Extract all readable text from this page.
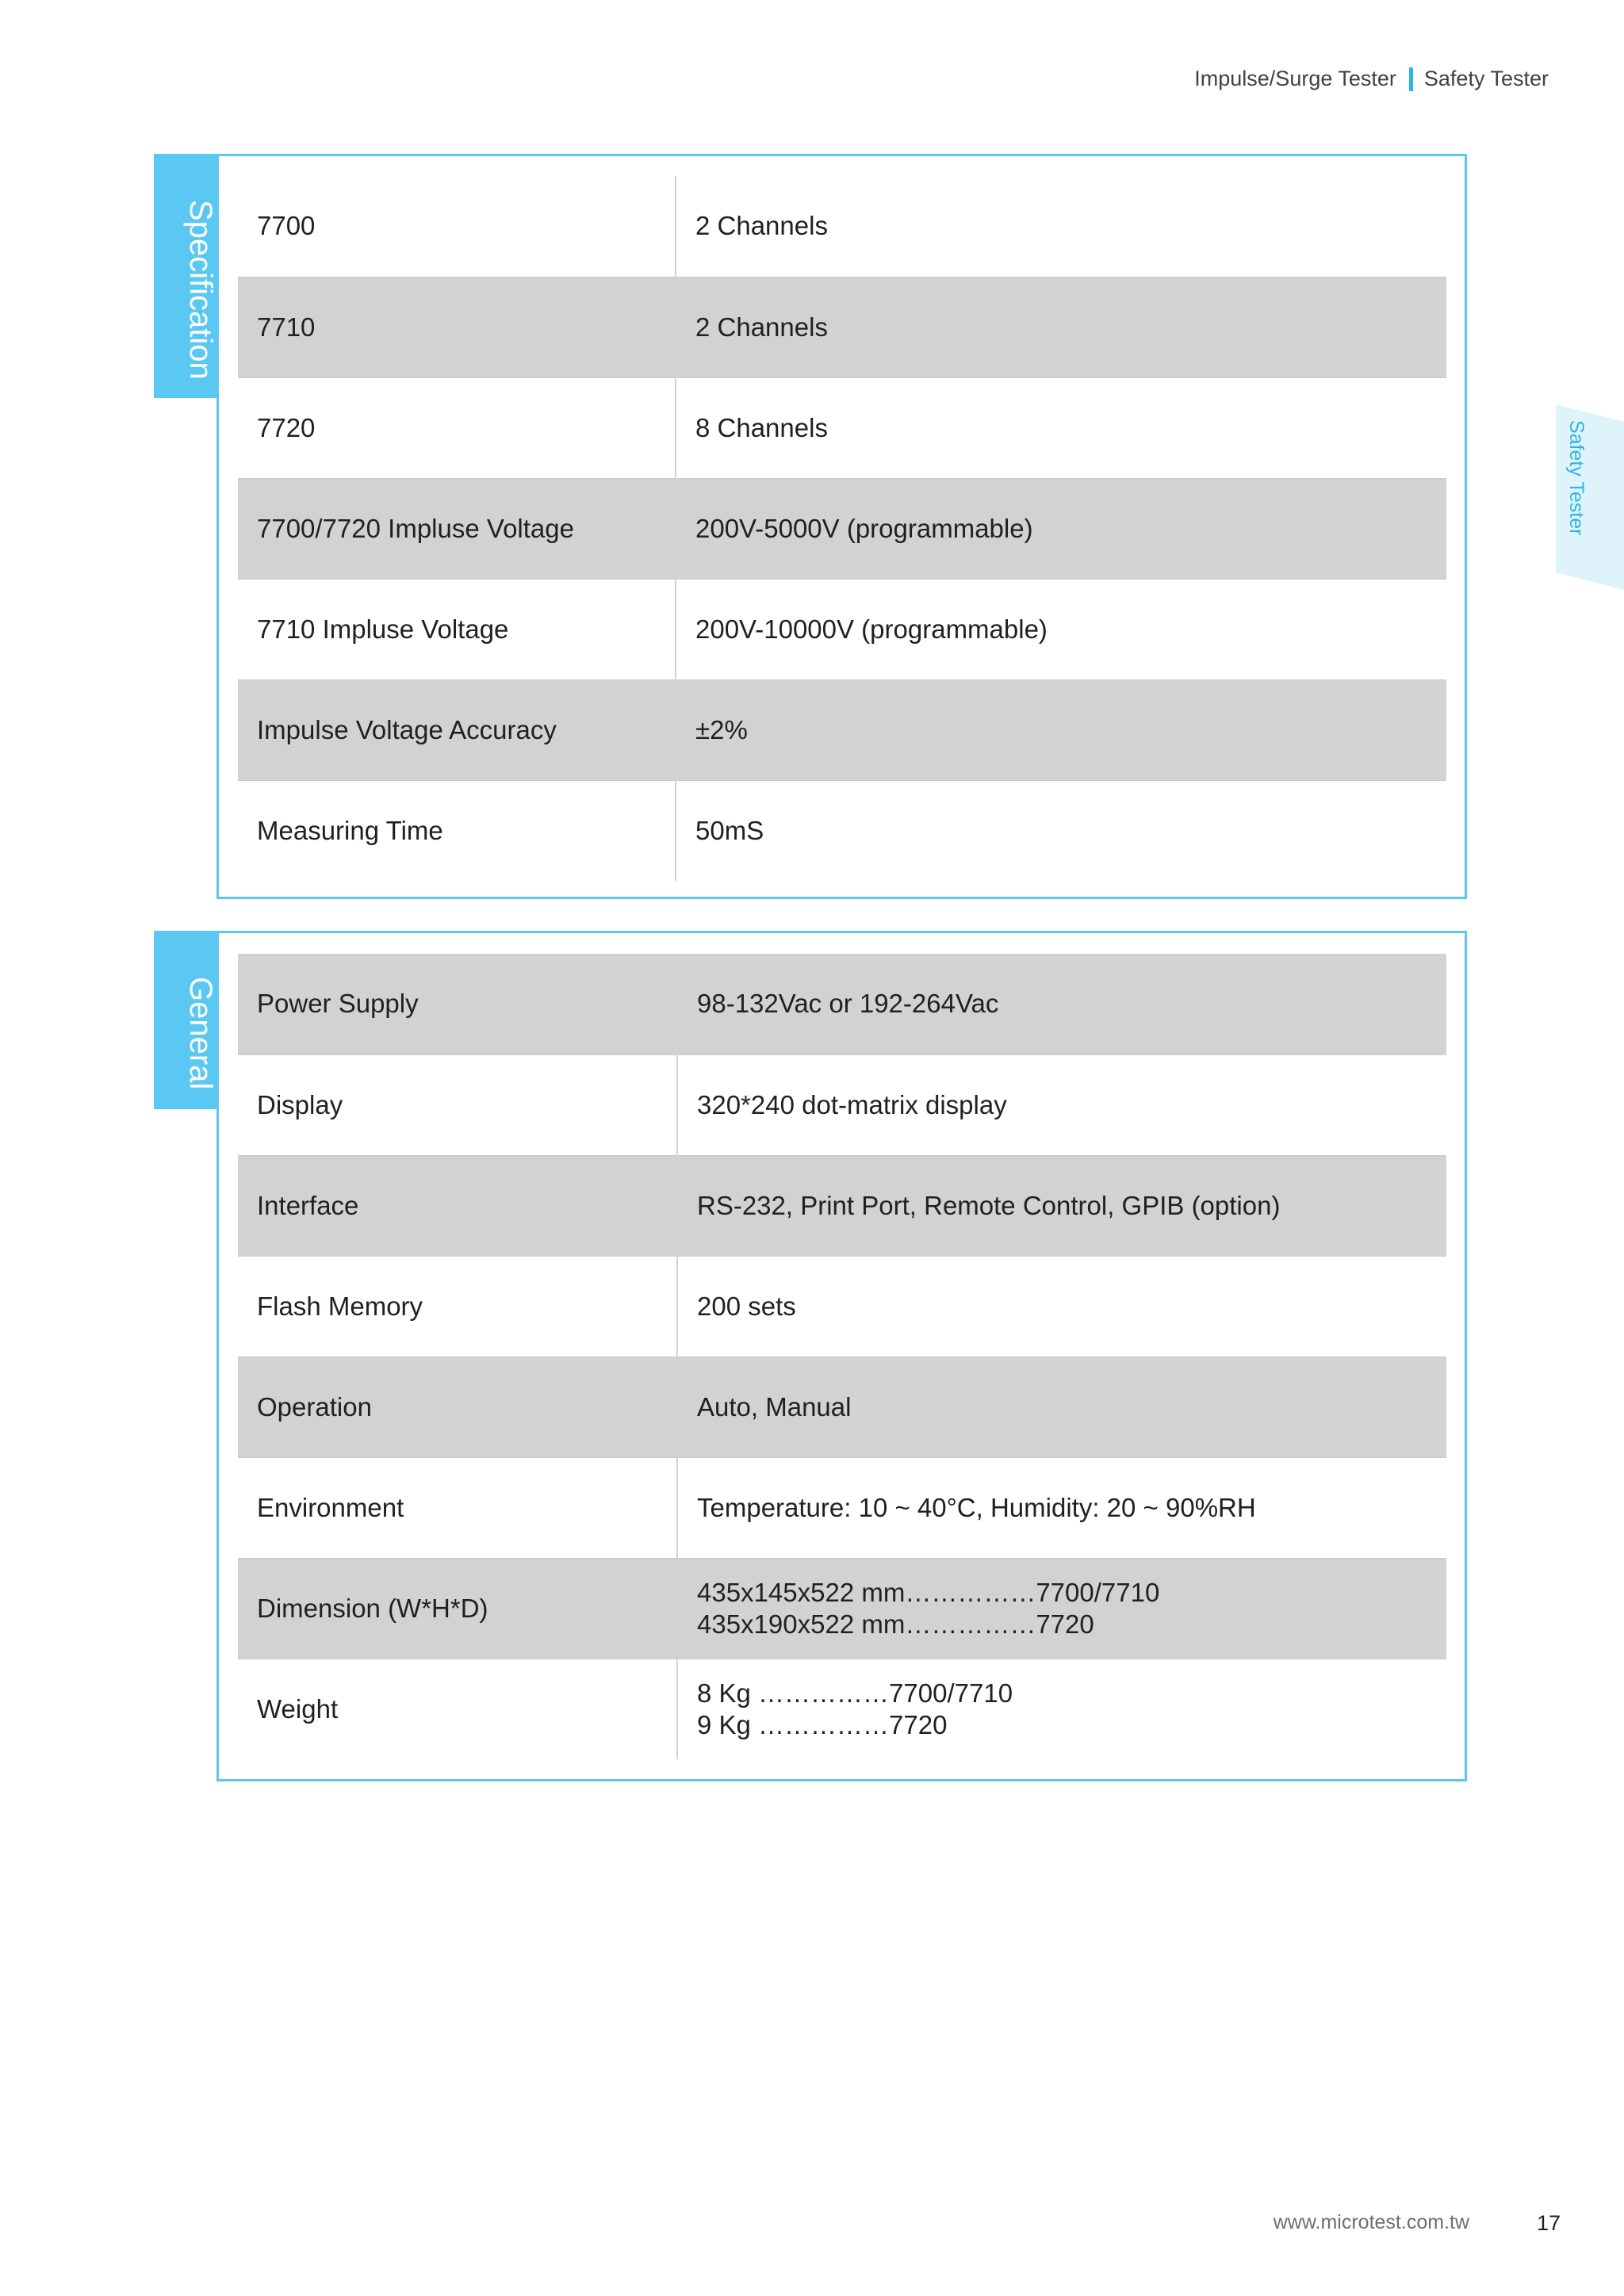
Impulse/Surge Tester Safety Tester
Safety Tester
Specification 7700	2 Channels
7710	2 Channels
7720	8 Channels
7700/7720 Impluse Voltage	200V-5000V (programmable)
7710 Impluse Voltage	200V-10000V (programmable)
Impulse Voltage Accuracy	±2%
Measuring Time	50mS
General Power Supply	98-132Vac or 192-264Vac
Display	320*240 dot-matrix display
Interface	RS-232, Print Port, Remote Control, GPIB (option)
Flash Memory	200 sets
Operation	Auto, Manual
Environment	Temperature: 10 ~ 40°C, Humidity: 20 ~ 90%RH
Dimension (W*H*D)	435x145x522 mm……………7700/7710
435x190x522 mm……………7720

Weight	8 Kg ……………7700/7710
9 Kg ……………7720
www.microtest.com.tw	17
